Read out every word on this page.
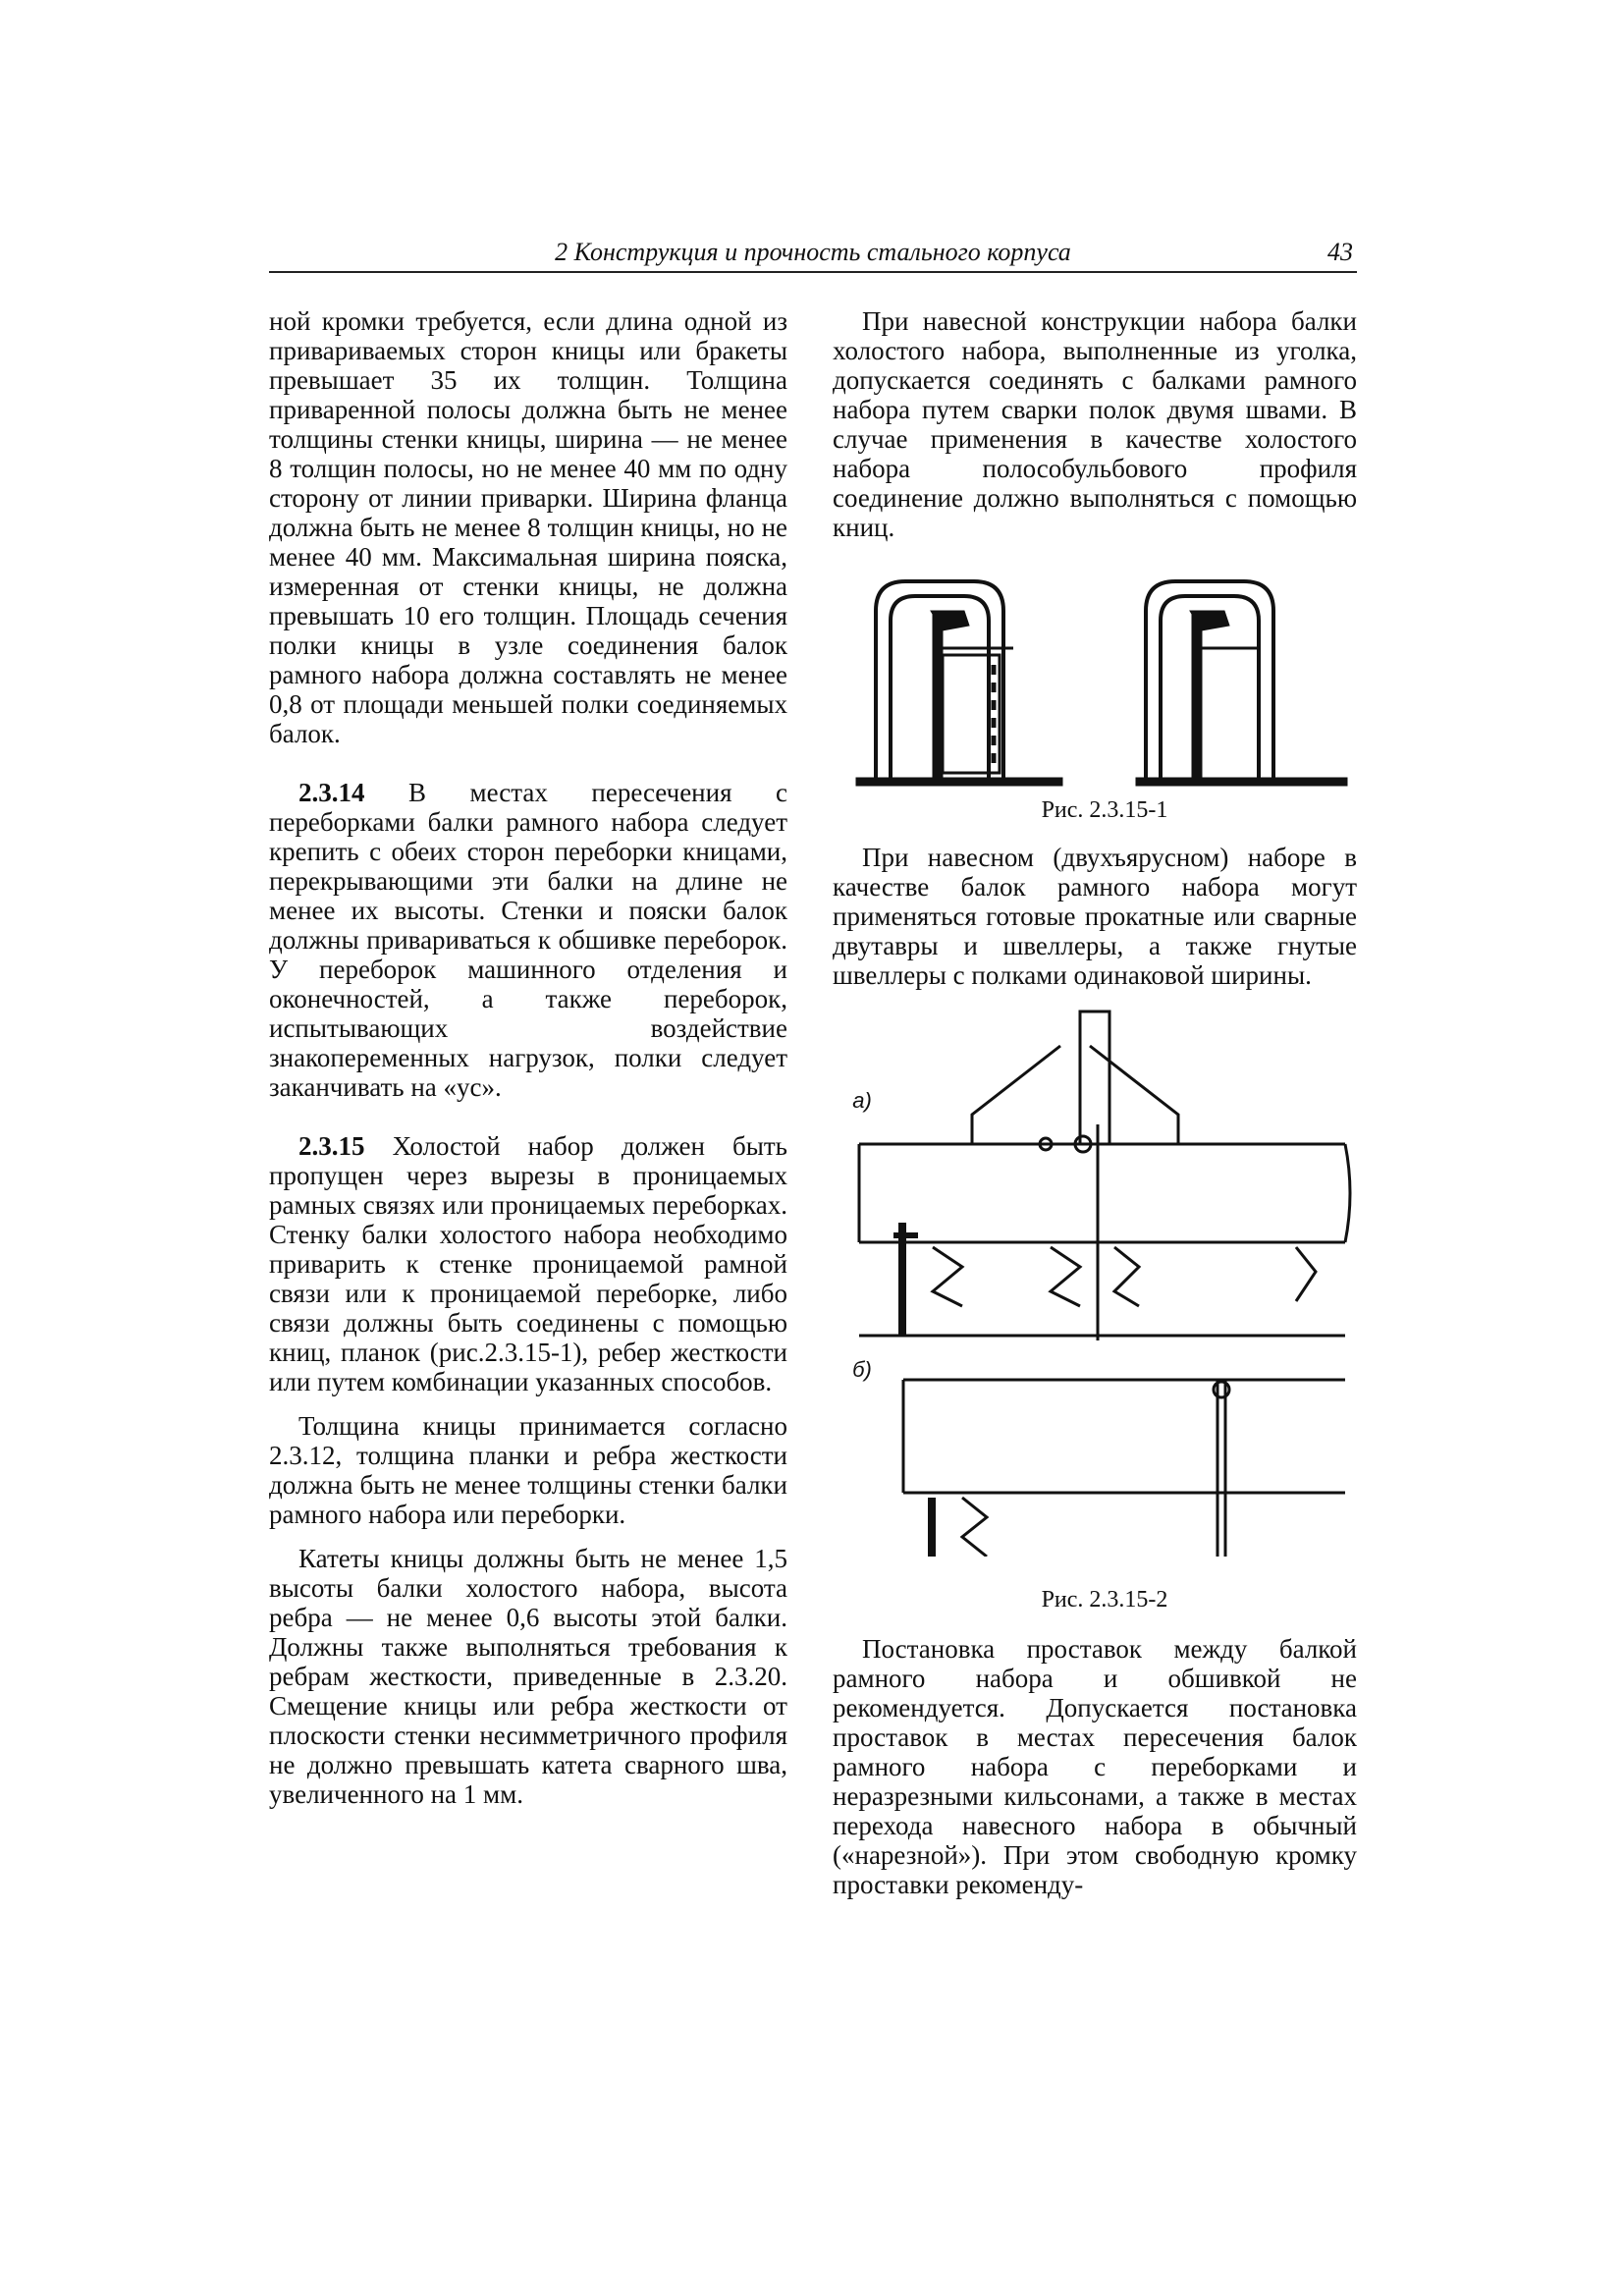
2 Конструкция и прочность стального корпуса	43

ной кромки требуется, если длина одной из привариваемых сторон кницы или бракеты превышает 35 их толщин. Толщина приваренной полосы должна быть не менее толщины стенки кницы, ширина — не менее 8 толщин полосы, но не менее 40 мм по одну сторону от линии приварки. Ширина фланца должна быть не менее 8 толщин кницы, но не менее 40 мм. Максимальная ширина пояска, измеренная от стенки кницы, не должна превышать 10 его толщин. Площадь сечения полки кницы в узле соединения балок рамного набора должна составлять не менее 0,8 от площади меньшей полки соединяемых балок.

2.3.14 В местах пересечения с переборками балки рамного набора следует крепить с обеих сторон переборки кницами, перекрывающими эти балки на длине не менее их высоты. Стенки и пояски балок должны привариваться к обшивке переборок. У переборок машинного отделения и оконечностей, а также переборок, испытывающих воздействие знакопеременных нагрузок, полки следует заканчивать на «ус».

2.3.15 Холостой набор должен быть пропущен через вырезы в проницаемых рамных связях или проницаемых переборках. Стенку балки холостого набора необходимо приварить к стенке проницаемой рамной связи или к проницаемой переборке, либо связи должны быть соединены с помощью книц, планок (рис.2.3.15-1), ребер жесткости или путем комбинации указанных способов.

Толщина кницы принимается согласно 2.3.12, толщина планки и ребра жесткости должна быть не менее толщины стенки балки рамного набора или переборки.

Катеты кницы должны быть не менее 1,5 высоты балки холостого набора, высота ребра — не менее 0,6 высоты этой балки. Должны также выполняться требования к ребрам жесткости, приведенные в 2.3.20. Смещение кницы или ребра жесткости от плоскости стенки несимметричного профиля не должно превышать катета сварного шва, увеличенного на 1 мм.

При навесной конструкции набора балки холостого набора, выполненные из уголка, допускается соединять с балками рамного набора путем сварки полок двумя швами. В случае применения в качестве холостого набора полособульбового профиля соединение должно выполняться с помощью книц.

Рис. 2.3.15-1

При навесном (двухъярусном) наборе в качестве балок рамного набора могут применяться готовые прокатные или сварные двутавры и швеллеры, а также гнутые швеллеры с полками одинаковой ширины.

а)
б)
Рис. 2.3.15-2

Постановка проставок между балкой рамного набора и обшивкой не рекомендуется. Допускается постановка проставок в местах пересечения балок рамного набора с переборками и неразрезными кильсонами, а также в местах перехода навесного набора в обычный («нарезной»). При этом свободную кромку проставки рекоменду-
